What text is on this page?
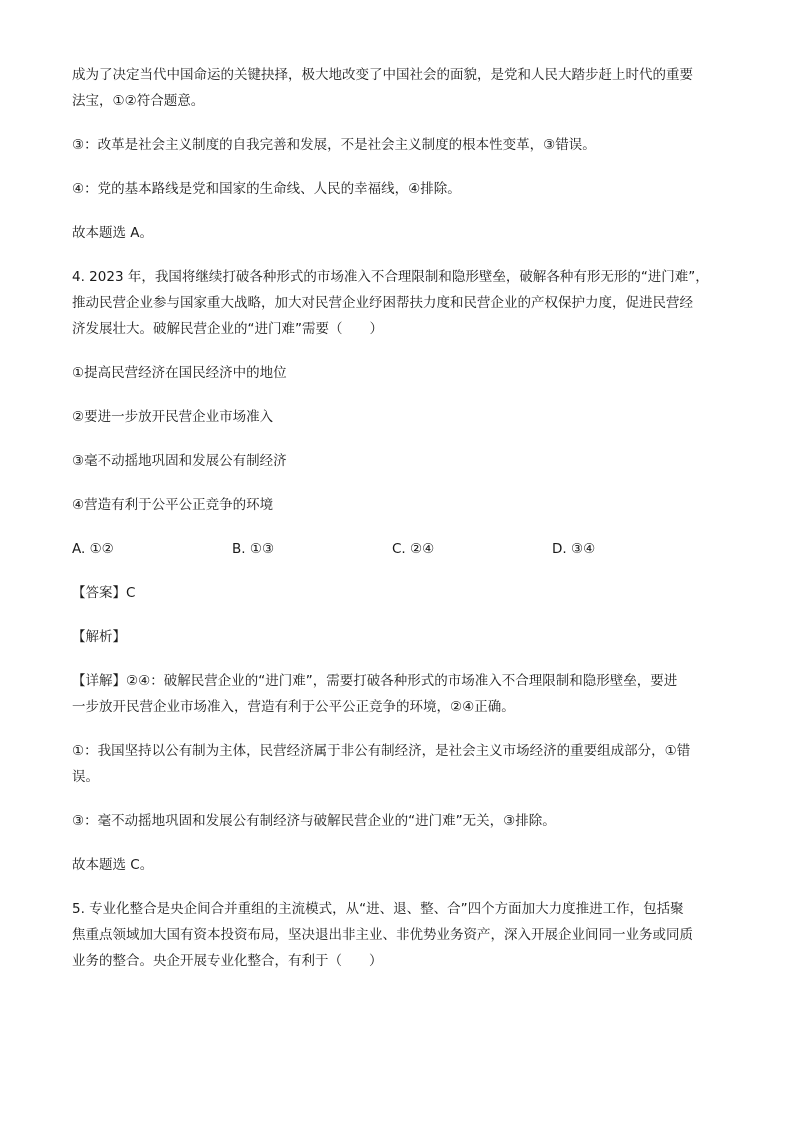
成为了决定当代中国命运的关键抉择，极大地改变了中国社会的面貌，是党和人民大踏步赶上时代的重要
法宝，①②符合题意。

③：改革是社会主义制度的自我完善和发展，不是社会主义制度的根本性变革，③错误。

④：党的基本路线是党和国家的生命线、人民的幸福线，④排除。

故本题选 A。

4. 2023 年，我国将继续打破各种形式的市场准入不合理限制和隐形壁垒，破解各种有形无形的“进门难”，
推动民营企业参与国家重大战略，加大对民营企业纾困帮扶力度和民营企业的产权保护力度，促进民营经
济发展壮大。破解民营企业的“进门难”需要（　　）

①提高民营经济在国民经济中的地位

②要进一步放开民营企业市场准入

③毫不动摇地巩固和发展公有制经济

④营造有利于公平公正竞争的环境

A. ①②	B. ①③	C. ②④	D. ③④

【答案】C

【解析】

【详解】②④：破解民营企业的“进门难”，需要打破各种形式的市场准入不合理限制和隐形壁垒，要进
一步放开民营企业市场准入，营造有利于公平公正竞争的环境，②④正确。

①：我国坚持以公有制为主体，民营经济属于非公有制经济，是社会主义市场经济的重要组成部分，①错
误。

③：毫不动摇地巩固和发展公有制经济与破解民营企业的“进门难”无关，③排除。

故本题选 C。

5. 专业化整合是央企间合并重组的主流模式，从“进、退、整、合”四个方面加大力度推进工作，包括聚
焦重点领域加大国有资本投资布局，坚决退出非主业、非优势业务资产，深入开展企业间同一业务或同质
业务的整合。央企开展专业化整合，有利于（　　）
